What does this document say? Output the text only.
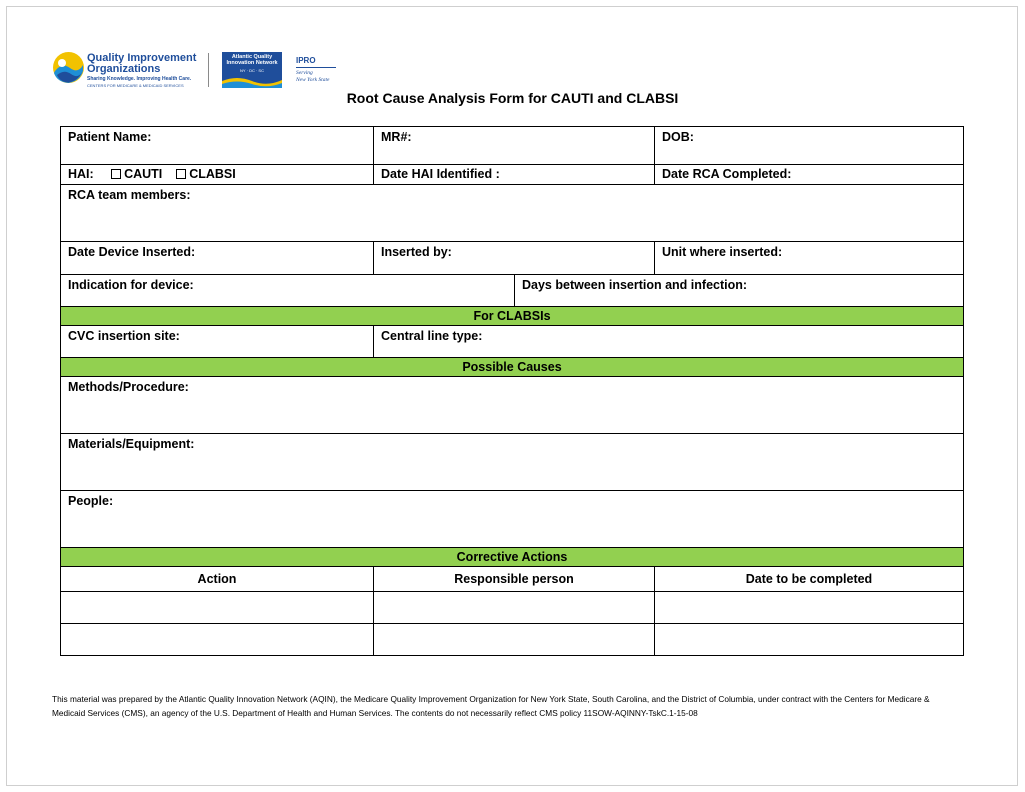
Quality Improvement
Organizations
Sharing Knowledge. Improving Health Care.
CENTERS FOR MEDICARE & MEDICAID SERVICES
Atlantic Quality Innovation Network
NY · DC · SC
IPRO
Serving
New York State
Root Cause Analysis Form for CAUTI and CLABSI
Patient Name:	MR#:		DOB:
HAI: CAUTI CLABSI	Date HAI Identified :		Date RCA Completed:
RCA team members:			
Date Device Inserted:	Inserted by:		Unit where inserted:
Indication for device:		Days between insertion and infection:	
For CLABSIs			
CVC insertion site:	Central line type:		
Possible Causes			
Methods/Procedure:			
Materials/Equipment:			
People:			
Corrective Actions			
Action	Responsible person		Date to be completed

This material was prepared by the Atlantic Quality Innovation Network (AQIN), the Medicare Quality Improvement Organization for New York State, South Carolina, and the District of Columbia, under contract with the Centers for Medicare &
Medicaid Services (CMS), an agency of the U.S. Department of Health and Human Services. The contents do not necessarily reflect CMS policy 11SOW-AQINNY-TskC.1-15-08
